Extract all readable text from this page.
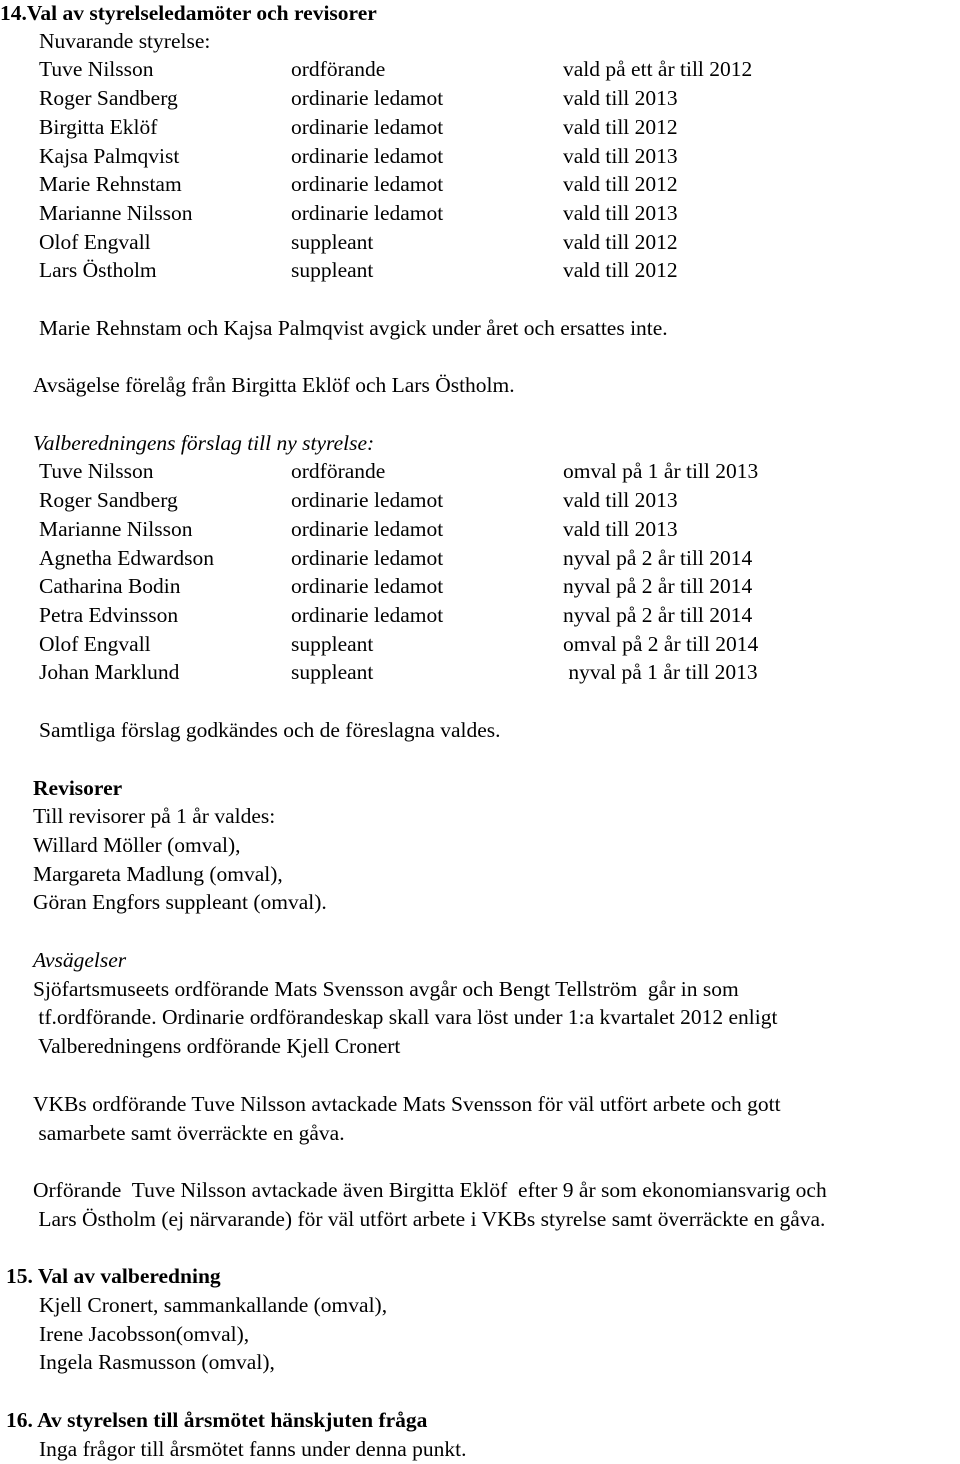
14.Val av styrelseledamöter och revisorer
Nuvarande styrelse:
Tuve Nilsson	ordförande	vald på ett år till 2012
Roger Sandberg	ordinarie ledamot	vald till 2013
Birgitta Eklöf	ordinarie ledamot	vald till 2012
Kajsa Palmqvist	ordinarie ledamot	vald till 2013
Marie Rehnstam	ordinarie ledamot	vald till 2012
Marianne Nilsson	ordinarie ledamot	vald till 2013
Olof Engvall	suppleant	vald till 2012
Lars Östholm	suppleant	vald till 2012
Marie Rehnstam och Kajsa Palmqvist avgick under året och ersattes inte.
Avsägelse förelåg från Birgitta Eklöf och Lars Östholm.
Valberedningens förslag till ny styrelse:
Tuve Nilsson	ordförande	omval på 1 år till 2013
Roger Sandberg	ordinarie ledamot	vald till 2013
Marianne Nilsson	ordinarie ledamot	vald till 2013
Agnetha Edwardson	ordinarie ledamot	nyval på 2 år till 2014
Catharina Bodin	ordinarie ledamot	nyval på 2 år till 2014
Petra Edvinsson	ordinarie ledamot	nyval på 2 år till 2014
Olof Engvall	suppleant	omval på 2 år till 2014
Johan Marklund	suppleant	nyval på 1 år till 2013
Samtliga förslag godkändes och de föreslagna valdes.
Revisorer
Till revisorer på 1 år valdes:
Willard Möller (omval),
Margareta Madlung (omval),
Göran Engfors suppleant (omval).
Avsägelser
Sjöfartsmuseets ordförande Mats Svensson avgår och Bengt Tellström  går in som
tf.ordförande. Ordinarie ordförandeskap skall vara löst under 1:a kvartalet 2012 enligt
Valberedningens ordförande Kjell Cronert
VKBs ordförande Tuve Nilsson avtackade Mats Svensson för väl utfört arbete och gott
samarbete samt överräckte en gåva.
Orförande  Tuve Nilsson avtackade även Birgitta Eklöf  efter 9 år som ekonomiansvarig och
Lars Östholm (ej närvarande) för väl utfört arbete i VKBs styrelse samt överräckte en gåva.
15. Val av valberedning
Kjell Cronert, sammankallande (omval),
Irene Jacobsson(omval),
Ingela Rasmusson (omval),
16. Av styrelsen till årsmötet hänskjuten fråga
Inga frågor till årsmötet fanns under denna punkt.
